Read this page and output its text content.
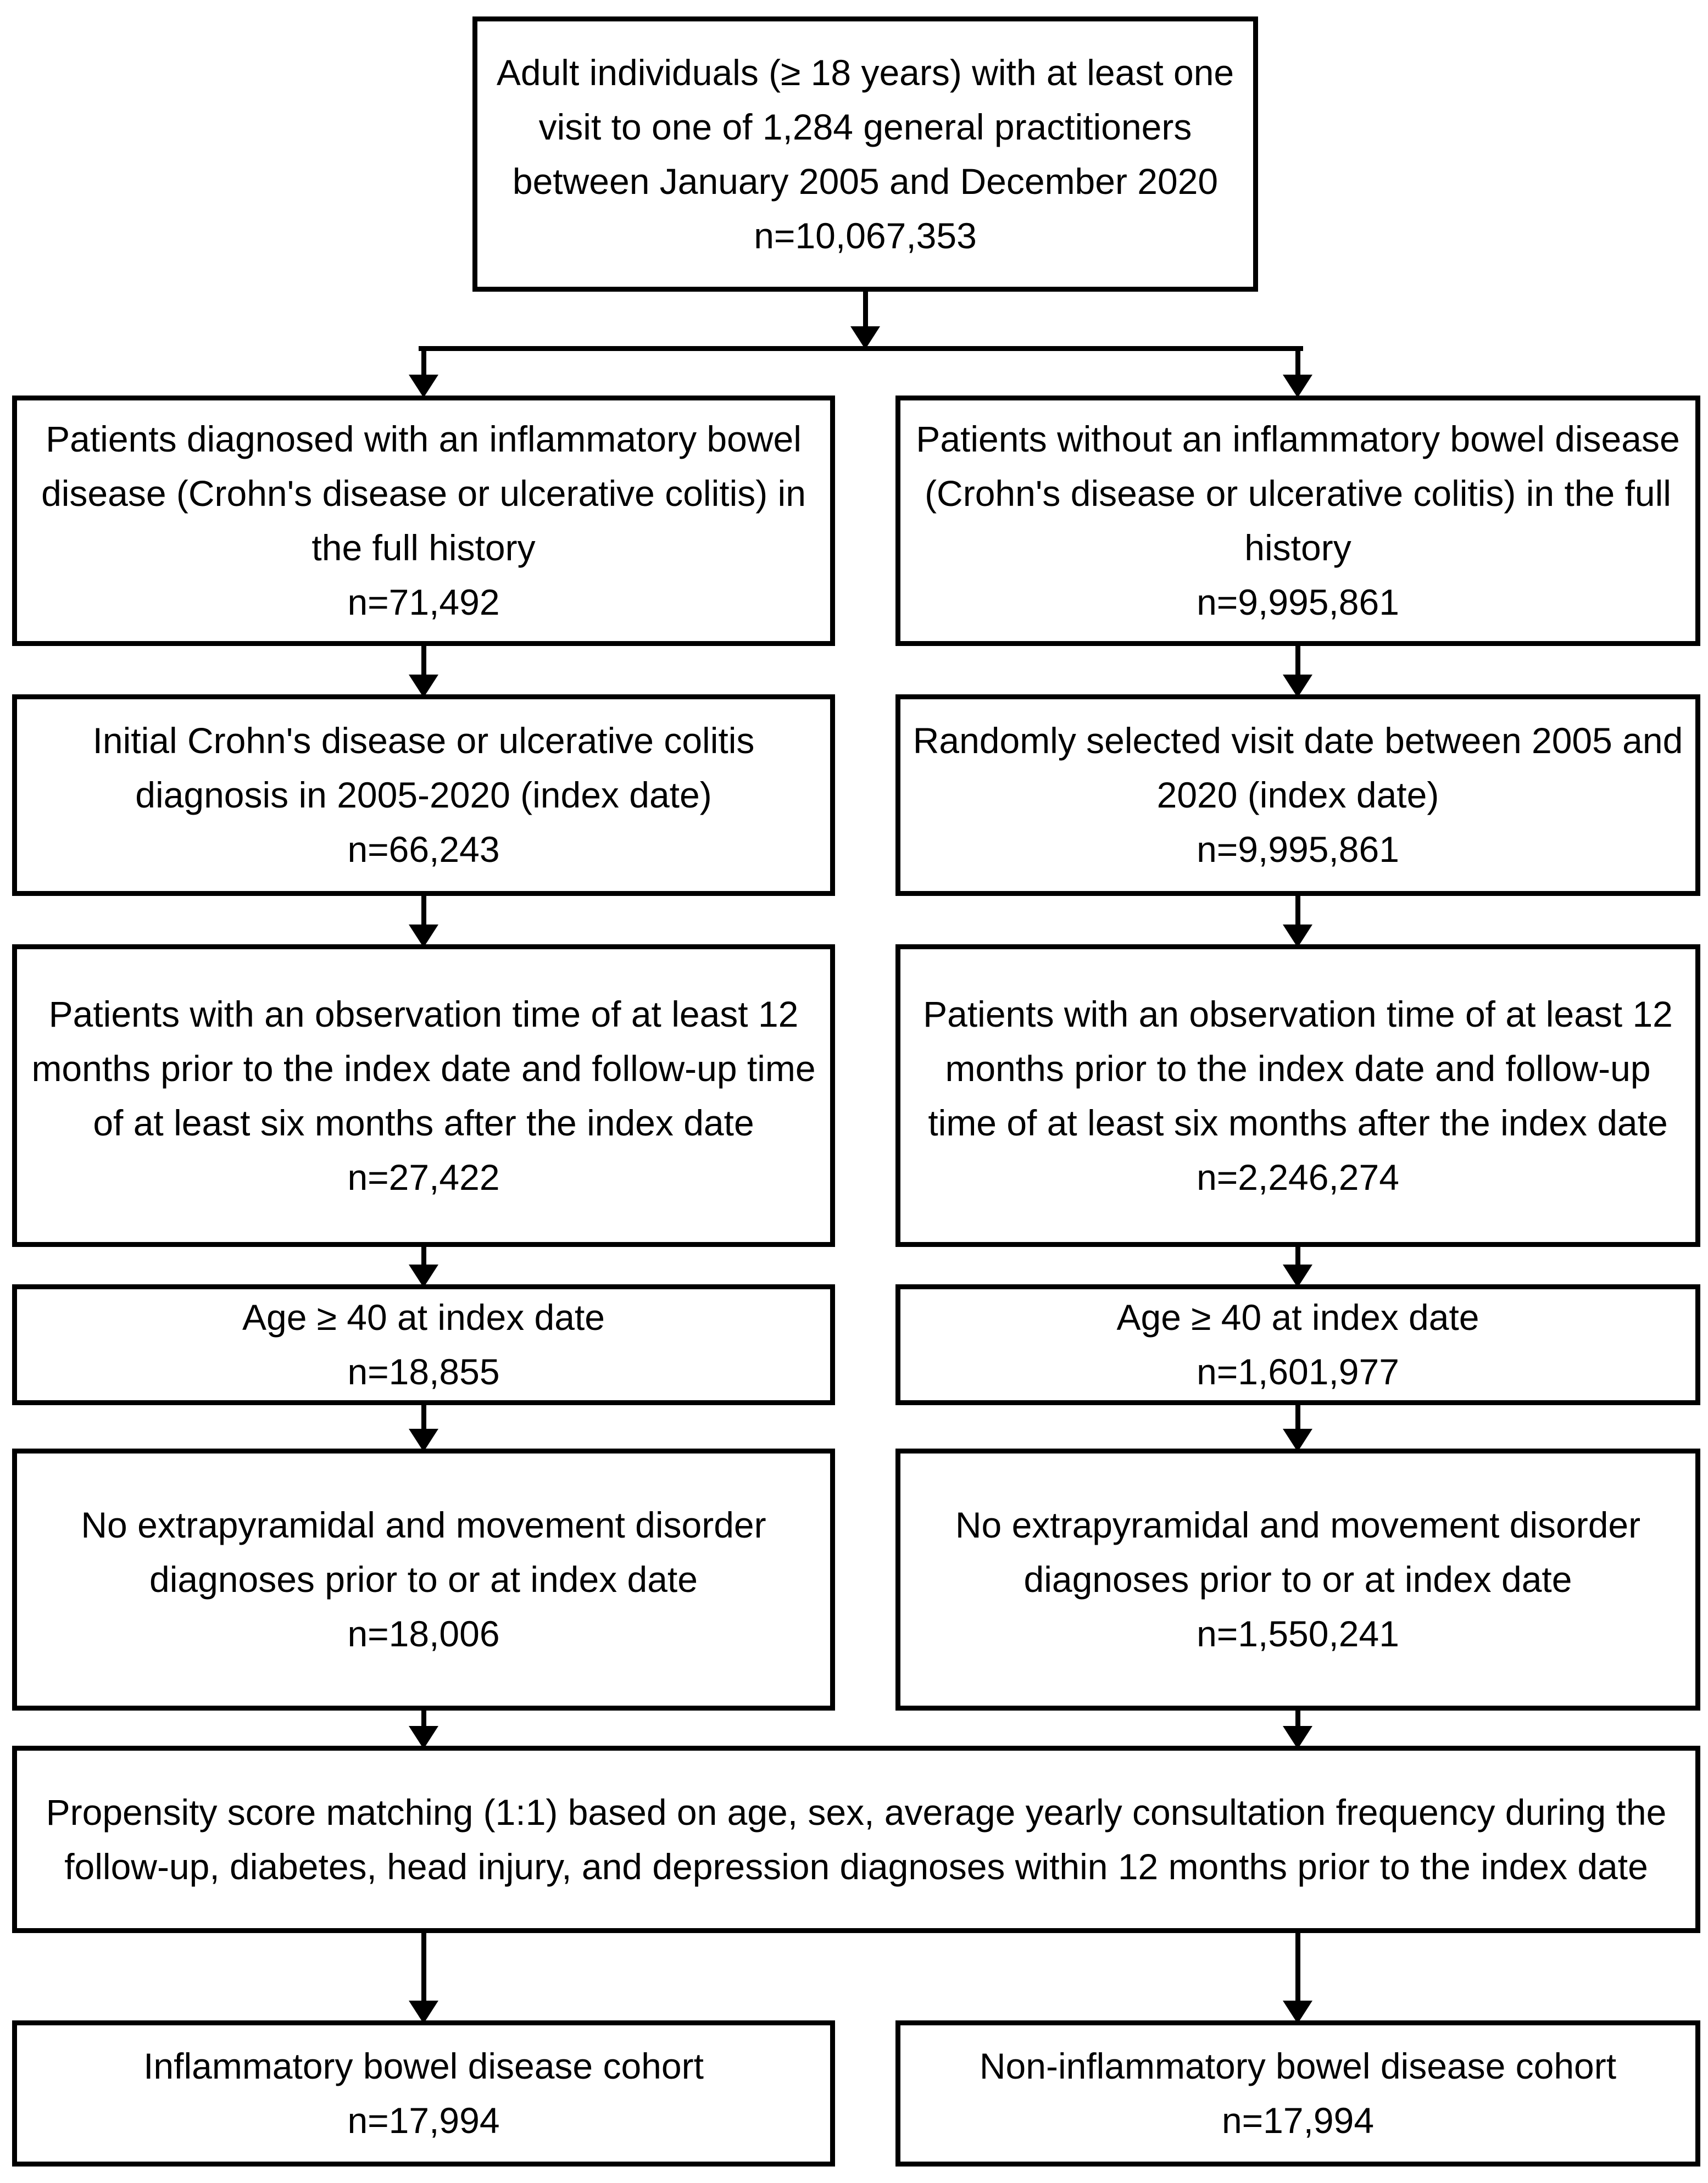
Adult individuals (≥ 18 years) with at least one visit to one of 1,284 general practitioners between January 2005 and December 2020
n=10,067,353
Patients diagnosed with an inflammatory bowel disease (Crohn's disease or ulcerative colitis) in the full history
n=71,492
Initial Crohn's disease or ulcerative colitis diagnosis in 2005-2020 (index date)
n=66,243
Patients with an observation time of at least 12 months prior to the index date and follow-up time of at least six months after the index date
n=27,422
Age ≥ 40 at index date
n=18,855
No extrapyramidal and movement disorder diagnoses prior to or at index date
n=18,006
Patients without an inflammatory bowel disease (Crohn's disease or ulcerative colitis) in the full history
n=9,995,861
Randomly selected visit date between 2005 and 2020 (index date)
n=9,995,861
Patients with an observation time of at least 12 months prior to the index date and follow-up time of at least six months after the index date
n=2,246,274
Age ≥ 40 at index date
n=1,601,977
No extrapyramidal and movement disorder diagnoses prior to or at index date
n=1,550,241
Propensity score matching (1:1) based on age, sex, average yearly consultation frequency during the follow-up, diabetes, head injury, and depression diagnoses within 12 months prior to the index date
Inflammatory bowel disease cohort
n=17,994
Non-inflammatory bowel disease cohort
n=17,994
